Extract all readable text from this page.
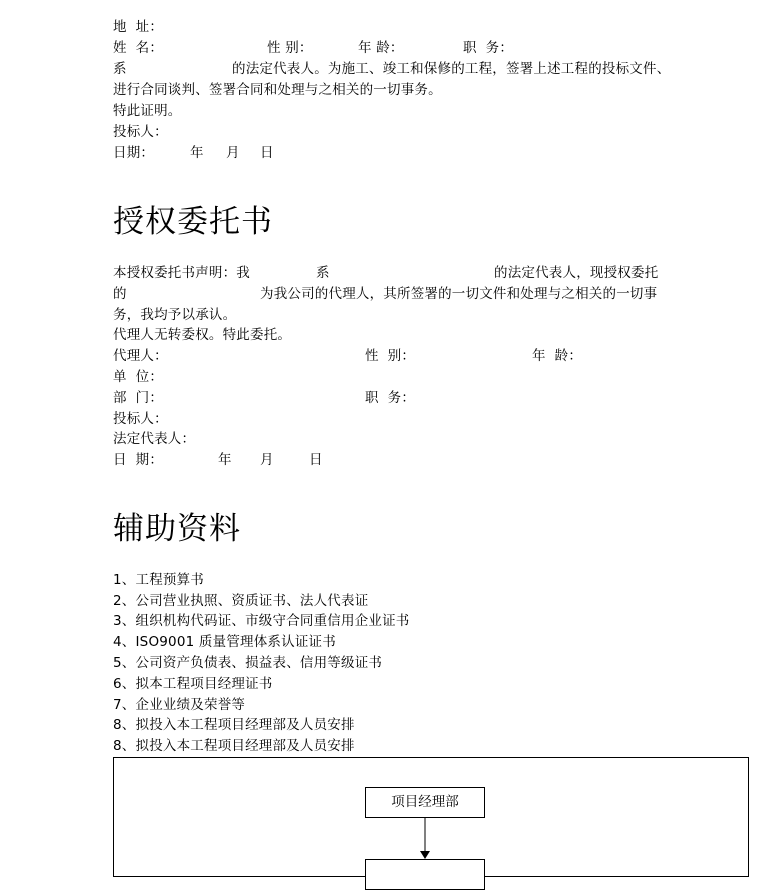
地  址：
姓  名：	性 别：	年 龄：	职  务：
系	的法定代表人。为施工、竣工和保修的工程，签署上述工程的投标文件、
进行合同谈判、签署合同和处理与之相关的一切事务。
特此证明。
投标人：
日期：	年 月 日
授权委托书
本授权委托书声明：我	系	的法定代表人，现授权委托
的	为我公司的代理人，其所签署的一切文件和处理与之相关的一切事
务，我均予以承认。
代理人无转委权。特此委托。
代理人：	性  别：	年  龄：
单  位：
部  门：	职  务：
投标人：
法定代表人：
日  期：	年 月	日
辅助资料
1、工程预算书
2、公司营业执照、资质证书、法人代表证
3、组织机构代码证、市级守合同重信用企业证书
4、ISO9001 质量管理体系认证证书
5、公司资产负债表、损益表、信用等级证书
6、拟本工程项目经理证书
7、企业业绩及荣誉等
8、拟投入本工程项目经理部及人员安排
8、拟投入本工程项目经理部及人员安排
项目经理部
